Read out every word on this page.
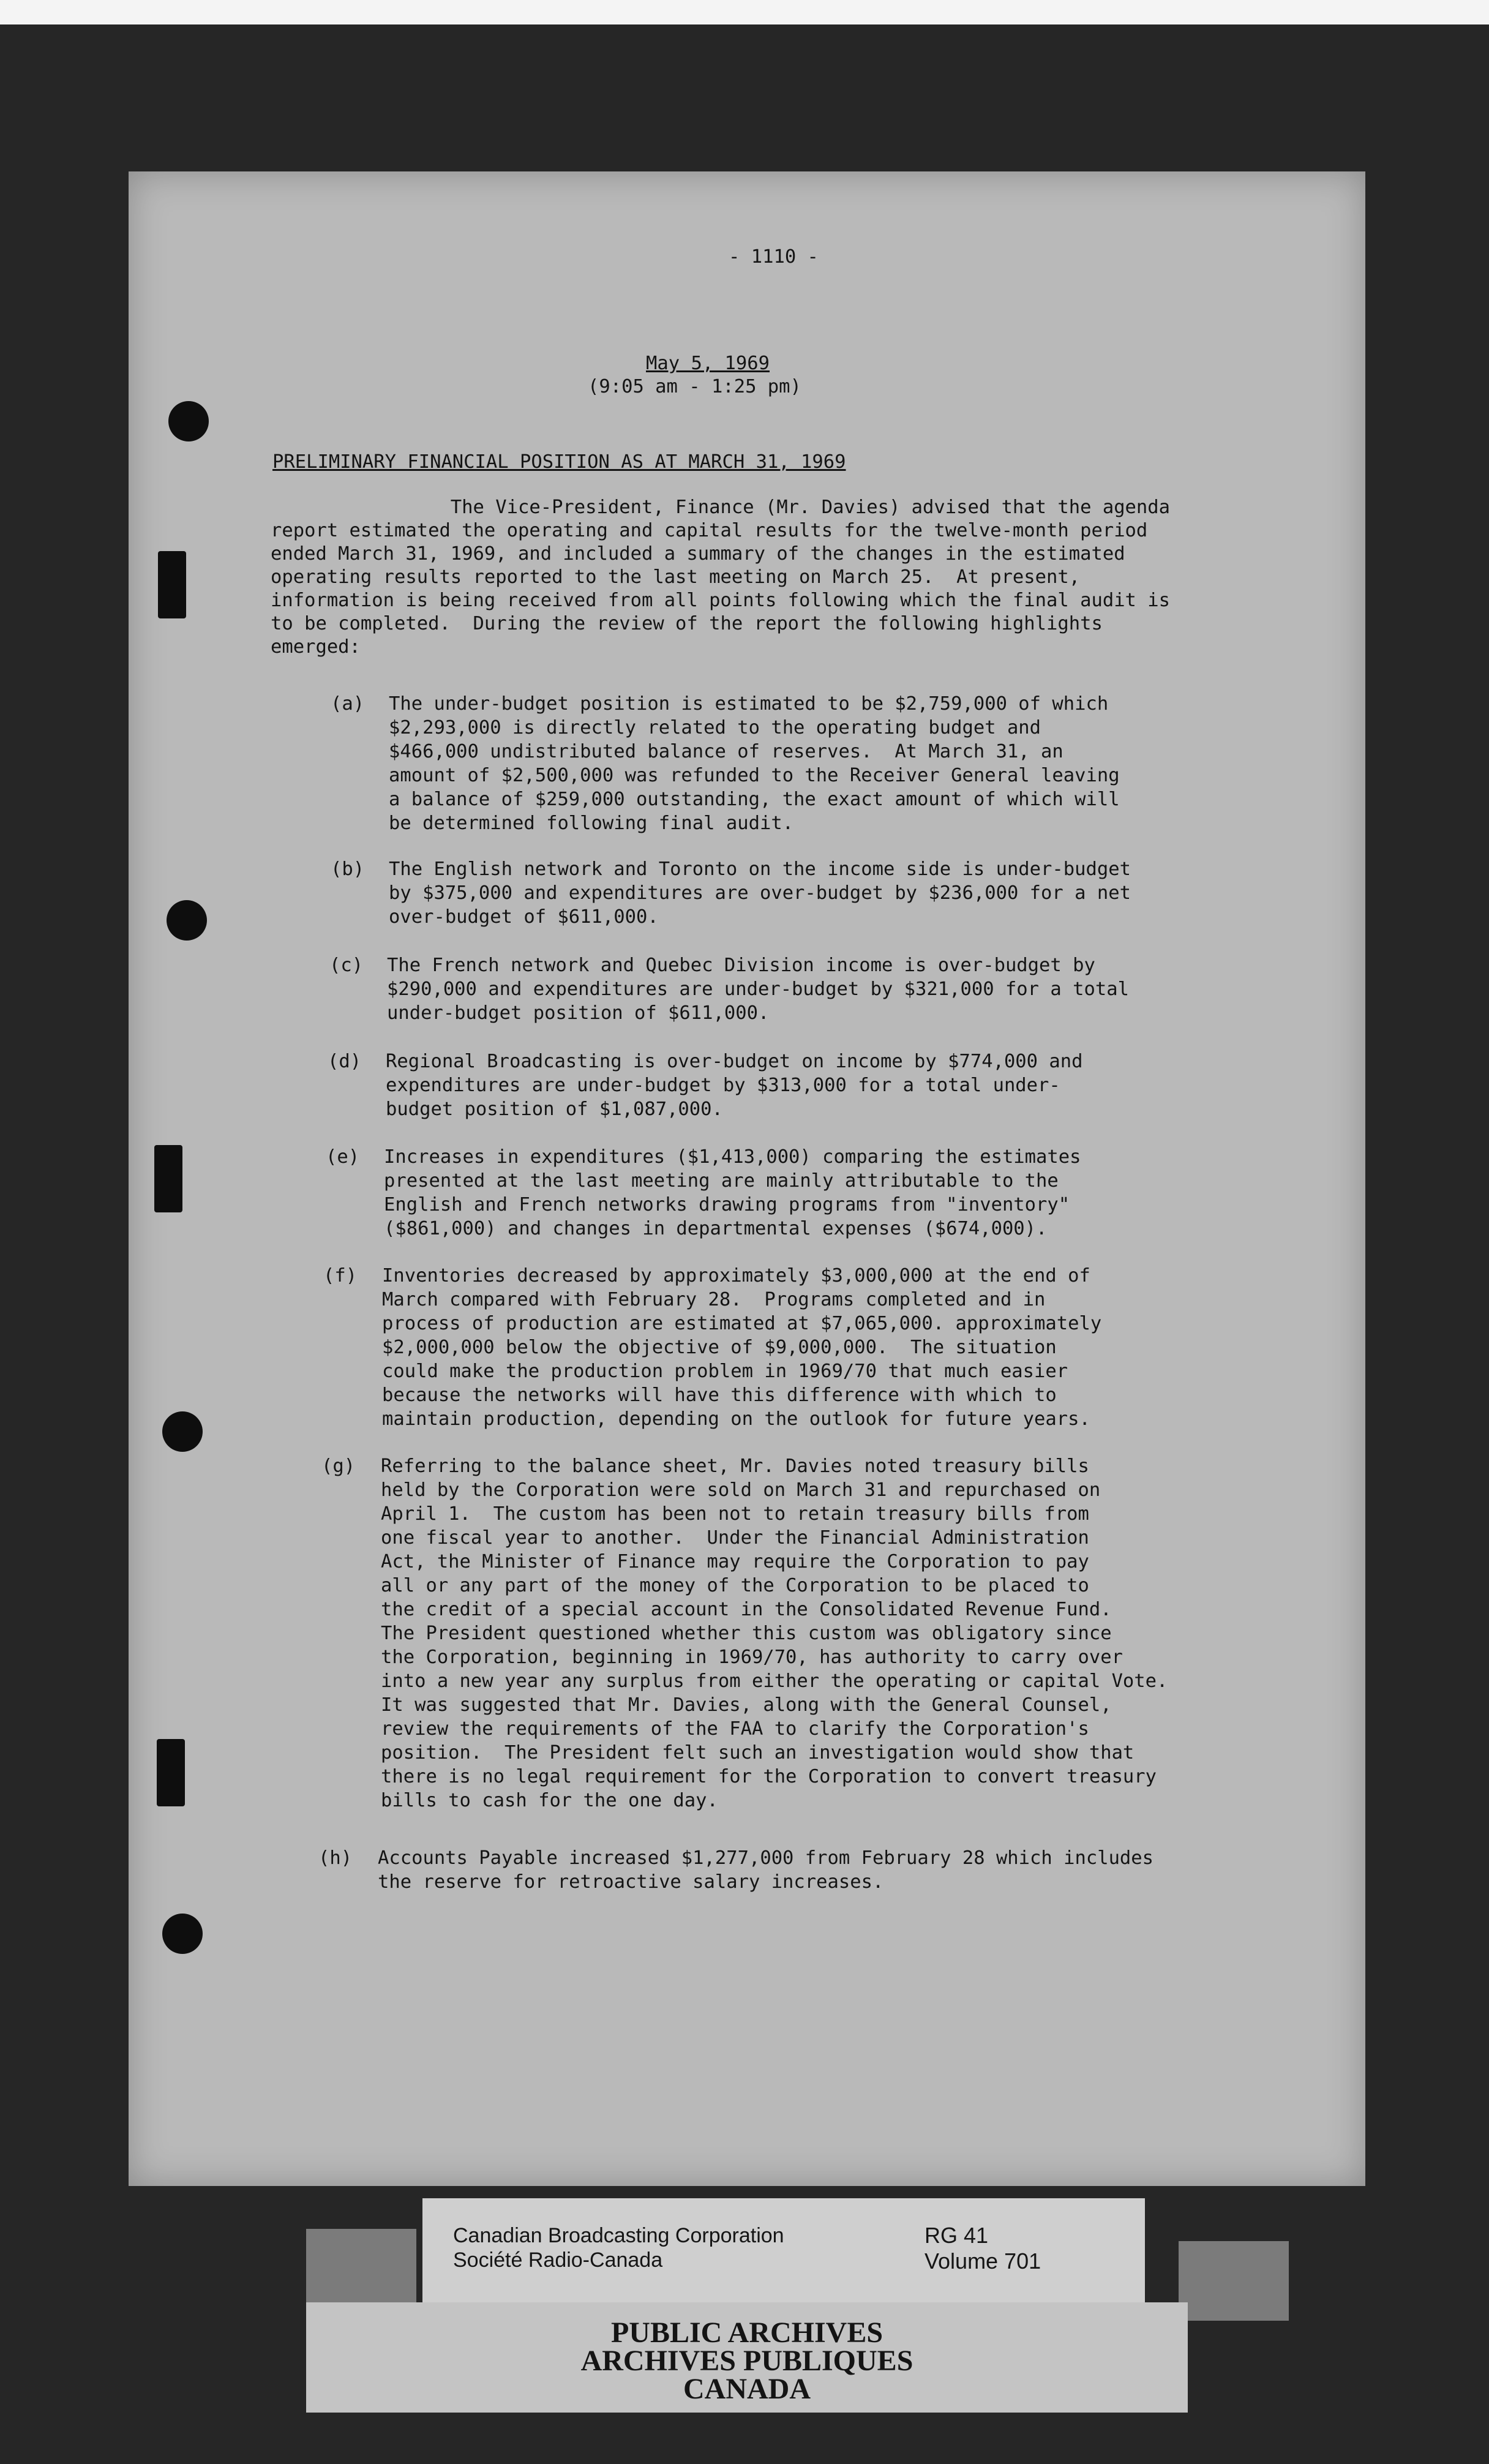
- 1110 -
May 5, 1969
(9:05 am - 1:25 pm)
PRELIMINARY FINANCIAL POSITION AS AT MARCH 31, 1969
The Vice-President, Finance (Mr. Davies) advised that the agenda
report estimated the operating and capital results for the twelve-month period
ended March 31, 1969, and included a summary of the changes in the estimated
operating results reported to the last meeting on March 25.  At present,
information is being received from all points following which the final audit is
to be completed.  During the review of the report the following highlights
emerged:
(a) The under-budget position is estimated to be $2,759,000 of which
$2,293,000 is directly related to the operating budget and
$466,000 undistributed balance of reserves.  At March 31, an
amount of $2,500,000 was refunded to the Receiver General leaving
a balance of $259,000 outstanding, the exact amount of which will
be determined following final audit.
(b) The English network and Toronto on the income side is under-budget
by $375,000 and expenditures are over-budget by $236,000 for a net
over-budget of $611,000.
(c) The French network and Quebec Division income is over-budget by
$290,000 and expenditures are under-budget by $321,000 for a total
under-budget position of $611,000.
(d) Regional Broadcasting is over-budget on income by $774,000 and
expenditures are under-budget by $313,000 for a total under-
budget position of $1,087,000.
(e) Increases in expenditures ($1,413,000) comparing the estimates
presented at the last meeting are mainly attributable to the
English and French networks drawing programs from "inventory"
($861,000) and changes in departmental expenses ($674,000).
(f) Inventories decreased by approximately $3,000,000 at the end of
March compared with February 28.  Programs completed and in
process of production are estimated at $7,065,000. approximately
$2,000,000 below the objective of $9,000,000.  The situation
could make the production problem in 1969/70 that much easier
because the networks will have this difference with which to
maintain production, depending on the outlook for future years.
(g) Referring to the balance sheet, Mr. Davies noted treasury bills
held by the Corporation were sold on March 31 and repurchased on
April 1.  The custom has been not to retain treasury bills from
one fiscal year to another.  Under the Financial Administration
Act, the Minister of Finance may require the Corporation to pay
all or any part of the money of the Corporation to be placed to
the credit of a special account in the Consolidated Revenue Fund.
The President questioned whether this custom was obligatory since
the Corporation, beginning in 1969/70, has authority to carry over
into a new year any surplus from either the operating or capital Vote.
It was suggested that Mr. Davies, along with the General Counsel,
review the requirements of the FAA to clarify the Corporation's
position.  The President felt such an investigation would show that
there is no legal requirement for the Corporation to convert treasury
bills to cash for the one day.
(h) Accounts Payable increased $1,277,000 from February 28 which includes
the reserve for retroactive salary increases.
Canadian Broadcasting Corporation
Société Radio-Canada
RG 41
Volume 701
PUBLIC ARCHIVES
ARCHIVES PUBLIQUES
CANADA
